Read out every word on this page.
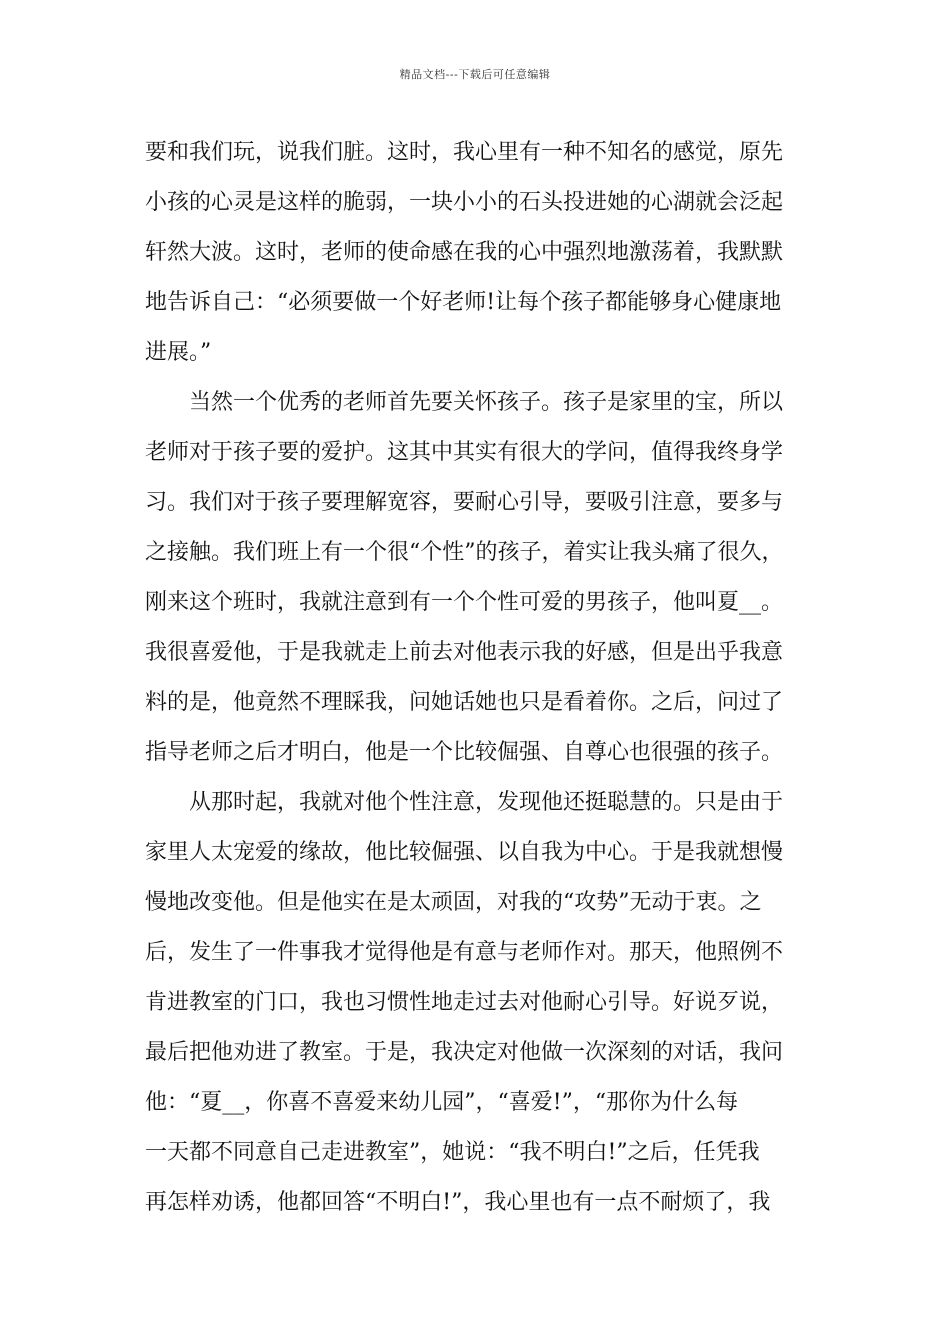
精品文档---下载后可任意编辑
要和我们玩，说我们脏。这时，我心里有一种不知名的感觉，原先
小孩的心灵是这样的脆弱，一块小小的石头投进她的心湖就会泛起
轩然大波。这时，老师的使命感在我的心中强烈地激荡着，我默默
地告诉自己：“必须要做一个好老师!让每个孩子都能够身心健康地
进展。”
当然一个优秀的老师首先要关怀孩子。孩子是家里的宝，所以
老师对于孩子要的爱护。这其中其实有很大的学问，值得我终身学
习。我们对于孩子要理解宽容，要耐心引导，要吸引注意，要多与
之接触。我们班上有一个很“个性”的孩子，着实让我头痛了很久，
刚来这个班时，我就注意到有一个个性可爱的男孩子，他叫夏__。
我很喜爱他，于是我就走上前去对他表示我的好感，但是出乎我意
料的是，他竟然不理睬我，问她话她也只是看着你。之后，问过了
指导老师之后才明白，他是一个比较倔强、自尊心也很强的孩子。
从那时起，我就对他个性注意，发现他还挺聪慧的。只是由于
家里人太宠爱的缘故，他比较倔强、以自我为中心。于是我就想慢
慢地改变他。但是他实在是太顽固，对我的“攻势”无动于衷。之
后，发生了一件事我才觉得他是有意与老师作对。那天，他照例不
肯进教室的门口，我也习惯性地走过去对他耐心引导。好说歹说，
最后把他劝进了教室。于是，我决定对他做一次深刻的对话，我问
他：“夏__，你喜不喜爱来幼儿园”，“喜爱!”，“那你为什么每
一天都不同意自己走进教室”，她说：“我不明白!”之后，任凭我
再怎样劝诱，他都回答“不明白!”，我心里也有一点不耐烦了，我
